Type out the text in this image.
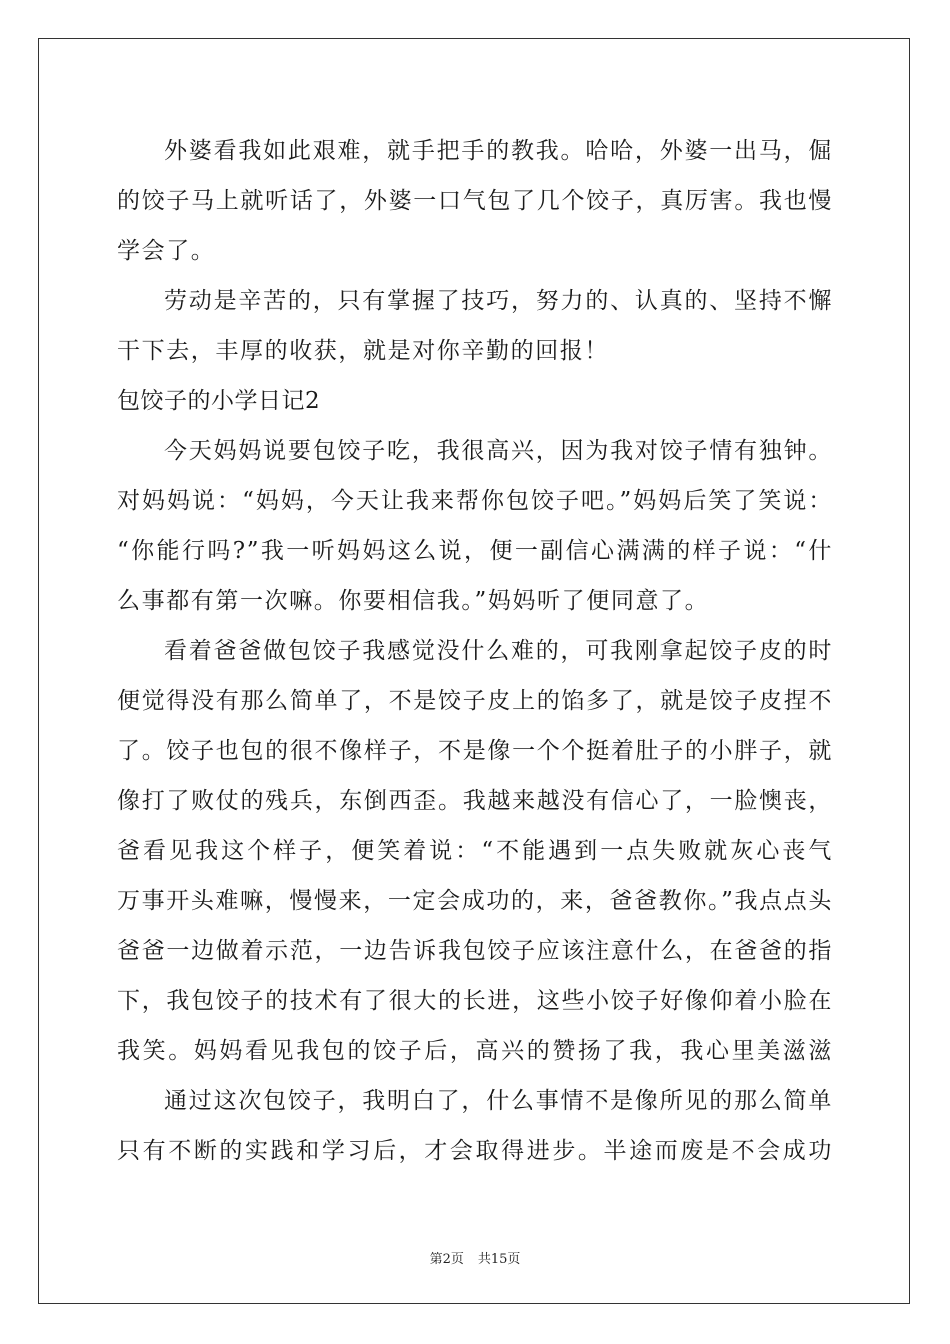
外婆看我如此艰难，就手把手的教我。哈哈，外婆一出马，倔
的饺子马上就听话了，外婆一口气包了几个饺子，真厉害。我也慢
学会了。
劳动是辛苦的，只有掌握了技巧，努力的、认真的、坚持不懈
干下去，丰厚的收获，就是对你辛勤的回报！
包饺子的小学日记2
今天妈妈说要包饺子吃，我很高兴，因为我对饺子情有独钟。
对妈妈说：“妈妈，今天让我来帮你包饺子吧。”妈妈后笑了笑说：
“你能行吗?”我一听妈妈这么说，便一副信心满满的样子说：“什
么事都有第一次嘛。你要相信我。”妈妈听了便同意了。
看着爸爸做包饺子我感觉没什么难的，可我刚拿起饺子皮的时
便觉得没有那么简单了，不是饺子皮上的馅多了，就是饺子皮捏不
了。饺子也包的很不像样子，不是像一个个挺着肚子的小胖子，就
像打了败仗的残兵，东倒西歪。我越来越没有信心了，一脸懊丧，
爸看见我这个样子，便笑着说：“不能遇到一点失败就灰心丧气
万事开头难嘛，慢慢来，一定会成功的，来，爸爸教你。”我点点头
爸爸一边做着示范，一边告诉我包饺子应该注意什么，在爸爸的指
下，我包饺子的技术有了很大的长进，这些小饺子好像仰着小脸在
我笑。妈妈看见我包的饺子后，高兴的赞扬了我，我心里美滋滋
通过这次包饺子，我明白了，什么事情不是像所见的那么简单
只有不断的实践和学习后，才会取得进步。半途而废是不会成功
第2页 共15页
